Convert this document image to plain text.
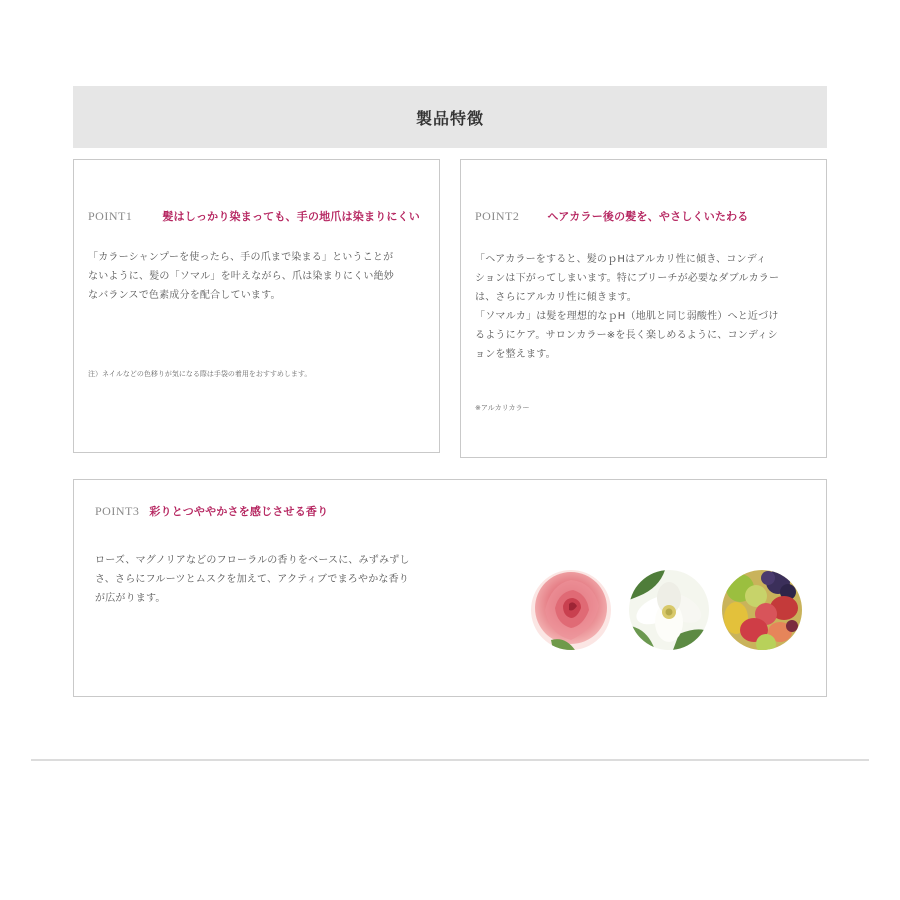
製品特徴
POINT1	髪はしっかり染まっても、手の地爪は染まりにくい
「カラーシャンプーを使ったら、手の爪まで染まる」ということが
ないように、髪の「ソマル」を叶えながら、爪は染まりにくい絶妙
なバランスで色素成分を配合しています。
注）ネイルなどの色移りが気になる際は手袋の着用をおすすめします。
POINT2	ヘアカラー後の髪を、やさしくいたわる
「ヘアカラーをすると、髪のｐHはアルカリ性に傾き、コンディ
ションは下がってしまいます。特にブリーチが必要なダブルカラー
は、さらにアルカリ性に傾きます。
「ソマルカ」は髪を理想的なｐH（地肌と同じ弱酸性）へと近づけ
るようにケア。サロンカラー※を長く楽しめるように、コンディシ
ョンを整えます。
※アルカリカラー
POINT3 彩りとつややかさを感じさせる香り
ローズ、マグノリアなどのフローラルの香りをベースに、みずみずし
さ、さらにフルーツとムスクを加えて、アクティブでまろやかな香り
が広がります。
